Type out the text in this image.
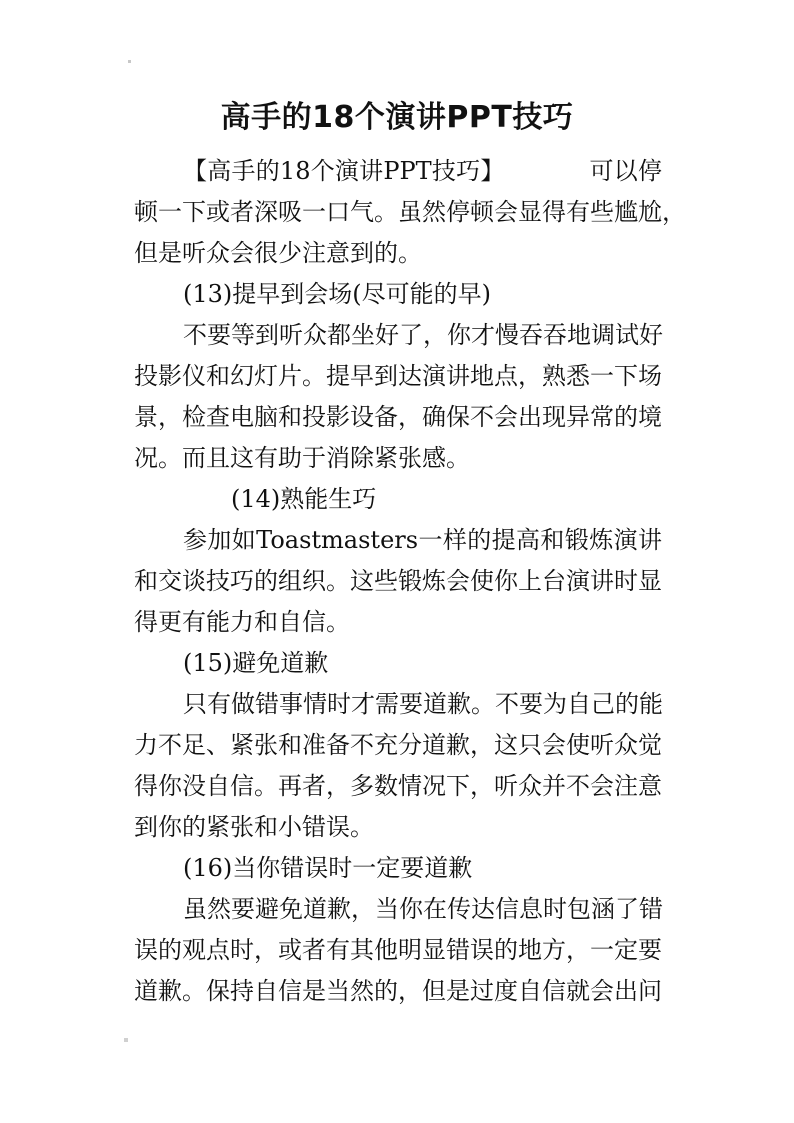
高手的18个演讲PPT技巧
【高手的18个演讲PPT技巧】　　　　可以停
顿一下或者深吸一口气。虽然停顿会显得有些尴尬，
但是听众会很少注意到的。
(13)提早到会场(尽可能的早)
不要等到听众都坐好了，你才慢吞吞地调试好
投影仪和幻灯片。提早到达演讲地点，熟悉一下场
景，检查电脑和投影设备，确保不会出现异常的境
况。而且这有助于消除紧张感。
(14)熟能生巧
参加如Toastmasters一样的提高和锻炼演讲
和交谈技巧的组织。这些锻炼会使你上台演讲时显
得更有能力和自信。
(15)避免道歉
只有做错事情时才需要道歉。不要为自己的能
力不足、紧张和准备不充分道歉，这只会使听众觉
得你没自信。再者，多数情况下，听众并不会注意
到你的紧张和小错误。
(16)当你错误时一定要道歉
虽然要避免道歉，当你在传达信息时包涵了错
误的观点时，或者有其他明显错误的地方，一定要
道歉。保持自信是当然的，但是过度自信就会出问
